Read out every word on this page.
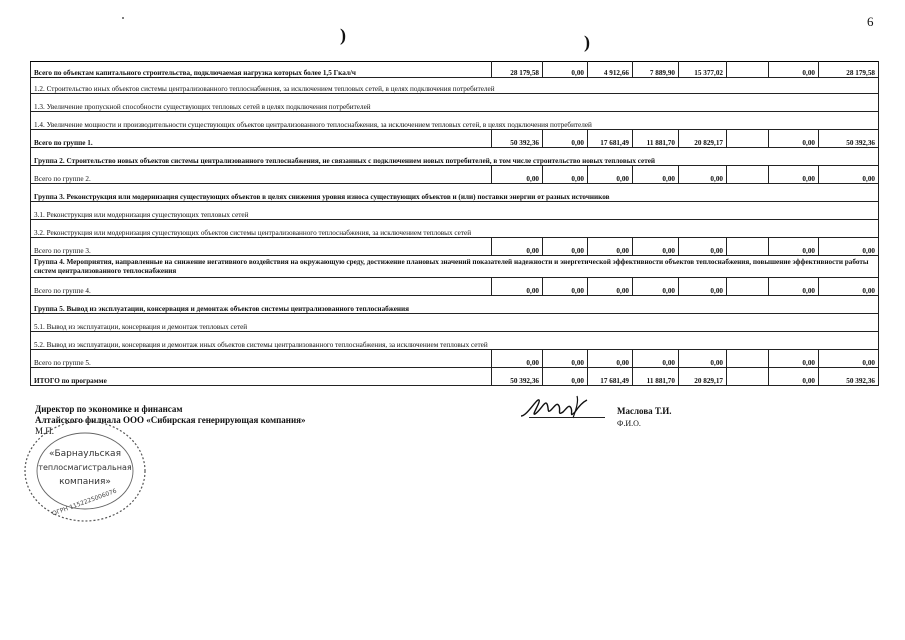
6
)	)
Всего по объектам капитального строительства, подключаемая нагрузка которых более 1,5 Гкал/ч	28 179,58	0,00	4 912,66	7 889,90	15 377,02		0,00	28 179,58
1.2. Строительство иных объектов системы централизованного теплоснабжения, за исключением тепловых сетей, в целях подключения потребителей								
1.3. Увеличение пропускной способности существующих тепловых сетей в целях подключения потребителей								
1.4. Увеличение мощности и производительности существующих объектов централизованного теплоснабжения, за исключением тепловых сетей, в целях подключения потребителей								
Всего по группе 1.	50 392,36	0,00	17 681,49	11 881,70	20 829,17		0,00	50 392,36
Группа 2. Строительство новых объектов системы централизованного теплоснабжения, не связанных с подключением новых потребителей, в том числе строительство новых тепловых сетей								
Всего по группе 2.	0,00	0,00	0,00	0,00	0,00		0,00	0,00
Группа 3. Реконструкция или модернизация существующих объектов в целях снижения уровня износа существующих объектов и (или) поставки энергии от разных источников								
3.1. Реконструкция или модернизация существующих тепловых сетей								
3.2. Реконструкция или модернизация существующих объектов системы централизованного теплоснабжения, за исключением тепловых сетей								
Всего по группе 3.	0,00	0,00	0,00	0,00	0,00		0,00	0,00
Группа 4. Мероприятия, направленные на снижение негативного воздействия на окружающую среду, достижение плановых значений показателей надежности и энергетической эффективности объектов теплоснабжения, повышение эффективности работы систем централизованного теплоснабжения								
Всего по группе 4.	0,00	0,00	0,00	0,00	0,00		0,00	0,00
Группа 5. Вывод из эксплуатации, консервация и демонтаж объектов системы централизованного теплоснабжения								
5.1. Вывод из эксплуатации, консервация и демонтаж тепловых сетей								
5.2. Вывод из эксплуатации, консервация и демонтаж иных объектов системы централизованного теплоснабжения, за исключением тепловых сетей								
Всего по группе 5.	0,00	0,00	0,00	0,00	0,00		0,00	0,00
ИТОГО по программе	50 392,36	0,00	17 681,49	11 881,70	20 829,17		0,00	50 392,36
Директор по экономике и финансам
Алтайского филиала ООО «Сибирская генерирующая компания»
М.П.
Маслова Т.И.
Ф.И.О.
«Барнаульская
теплосмагистральная
компания»
ОГРН 1152225006076
